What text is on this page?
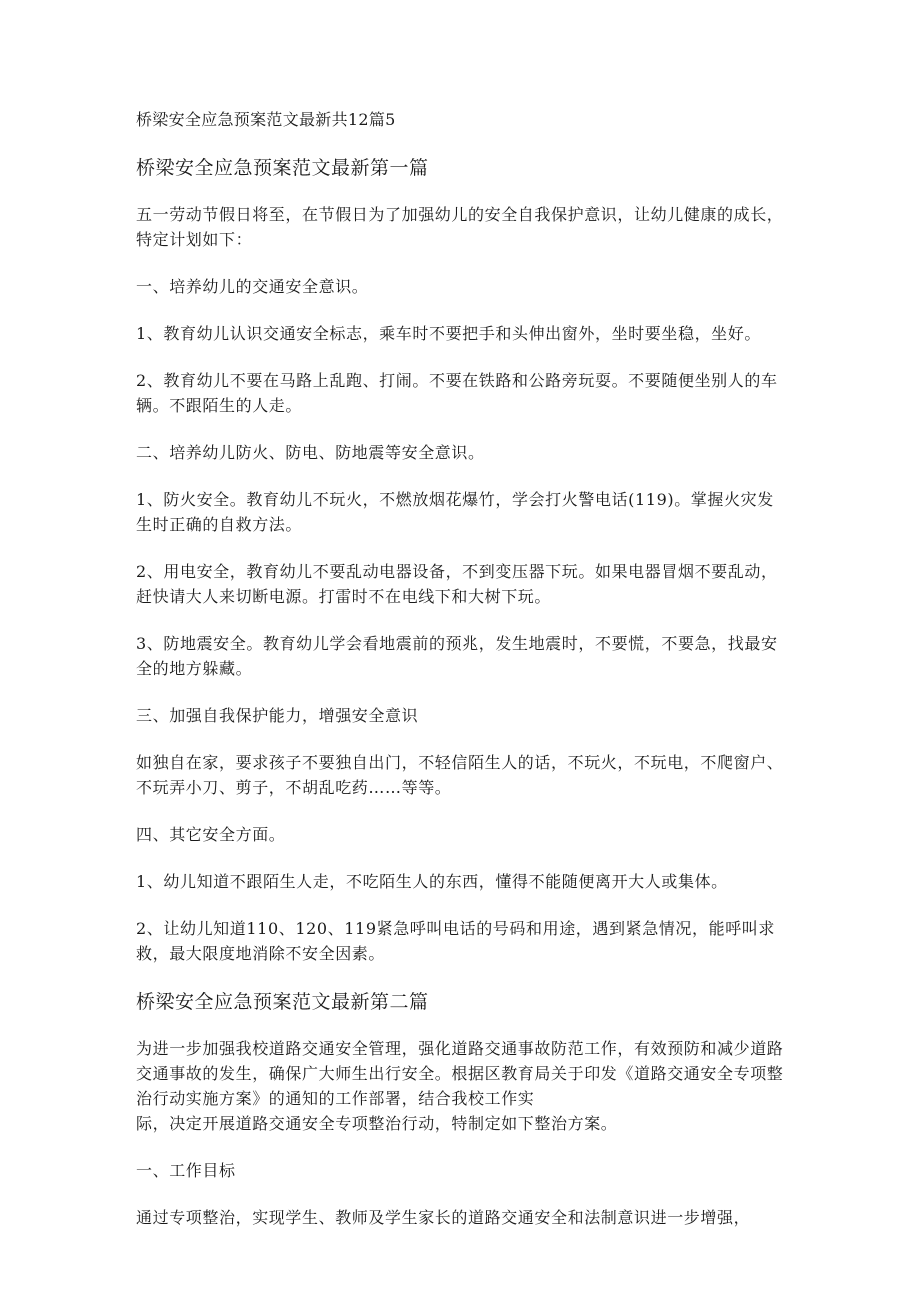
桥梁安全应急预案范文最新共12篇5
桥梁安全应急预案范文最新第一篇

五一劳动节假日将至，在节假日为了加强幼儿的安全自我保护意识，让幼儿健康的成长，特定计划如下：

一、培养幼儿的交通安全意识。

1、教育幼儿认识交通安全标志，乘车时不要把手和头伸出窗外，坐时要坐稳，坐好。

2、教育幼儿不要在马路上乱跑、打闹。不要在铁路和公路旁玩耍。不要随便坐别人的车辆。不跟陌生的人走。

二、培养幼儿防火、防电、防地震等安全意识。

1、防火安全。教育幼儿不玩火，不燃放烟花爆竹，学会打火警电话(119)。掌握火灾发生时正确的自救方法。

2、用电安全，教育幼儿不要乱动电器设备，不到变压器下玩。如果电器冒烟不要乱动，赶快请大人来切断电源。打雷时不在电线下和大树下玩。

3、防地震安全。教育幼儿学会看地震前的预兆，发生地震时，不要慌，不要急，找最安全的地方躲藏。

三、加强自我保护能力，增强安全意识

如独自在家，要求孩子不要独自出门，不轻信陌生人的话，不玩火，不玩电，不爬窗户、不玩弄小刀、剪子，不胡乱吃药……等等。

四、其它安全方面。

1、幼儿知道不跟陌生人走，不吃陌生人的东西，懂得不能随便离开大人或集体。

2、让幼儿知道110、120、119紧急呼叫电话的号码和用途，遇到紧急情况，能呼叫求救，最大限度地消除不安全因素。

桥梁安全应急预案范文最新第二篇

为进一步加强我校道路交通安全管理，强化道路交通事故防范工作，有效预防和减少道路交通事故的发生，确保广大师生出行安全。根据区教育局关于印发《道路交通安全专项整治行动实施方案》的通知的工作部署，结合我校工作实

际，决定开展道路交通安全专项整治行动，特制定如下整治方案。

一、工作目标

通过专项整治，实现学生、教师及学生家长的道路交通安全和法制意识进一步增强，
